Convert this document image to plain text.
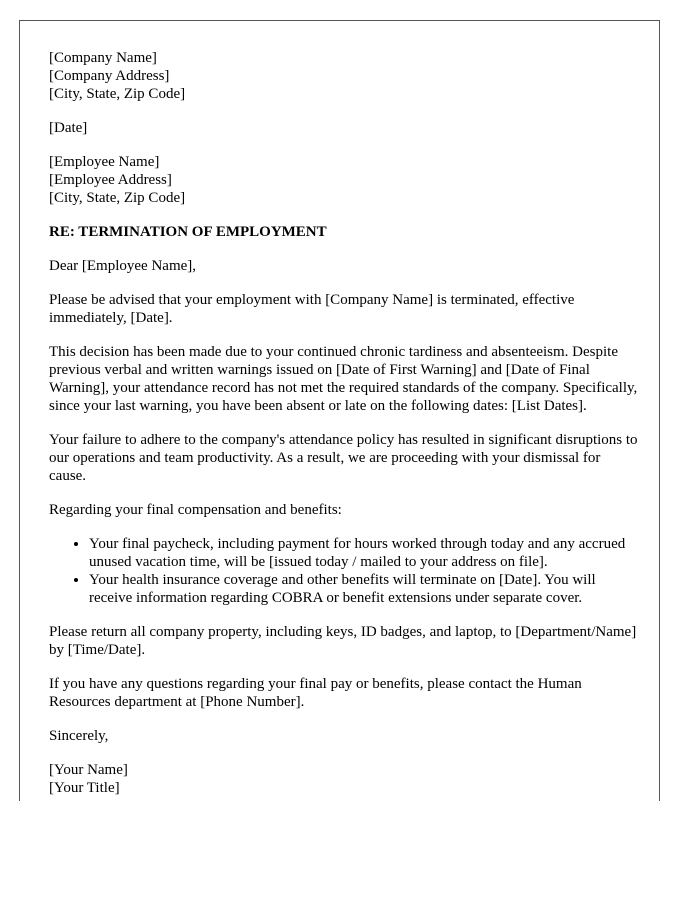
[Company Name]
[Company Address]
[City, State, Zip Code]
[Date]
[Employee Name]
[Employee Address]
[City, State, Zip Code]

RE: TERMINATION OF EMPLOYMENT

Dear [Employee Name],

Please be advised that your employment with [Company Name] is terminated, effective immediately, [Date].

This decision has been made due to your continued chronic tardiness and absenteeism. Despite previous verbal and written warnings issued on [Date of First Warning] and [Date of Final Warning], your attendance record has not met the required standards of the company. Specifically, since your last warning, you have been absent or late on the following dates: [List Dates].

Your failure to adhere to the company's attendance policy has resulted in significant disruptions to our operations and team productivity. As a result, we are proceeding with your dismissal for cause.

Regarding your final compensation and benefits:

• Your final paycheck, including payment for hours worked through today and any accrued unused vacation time, will be [issued today / mailed to your address on file].
• Your health insurance coverage and other benefits will terminate on [Date]. You will receive information regarding COBRA or benefit extensions under separate cover.

Please return all company property, including keys, ID badges, and laptop, to [Department/Name] by [Time/Date].

If you have any questions regarding your final pay or benefits, please contact the Human Resources department at [Phone Number].

Sincerely,

[Your Name]
[Your Title]
